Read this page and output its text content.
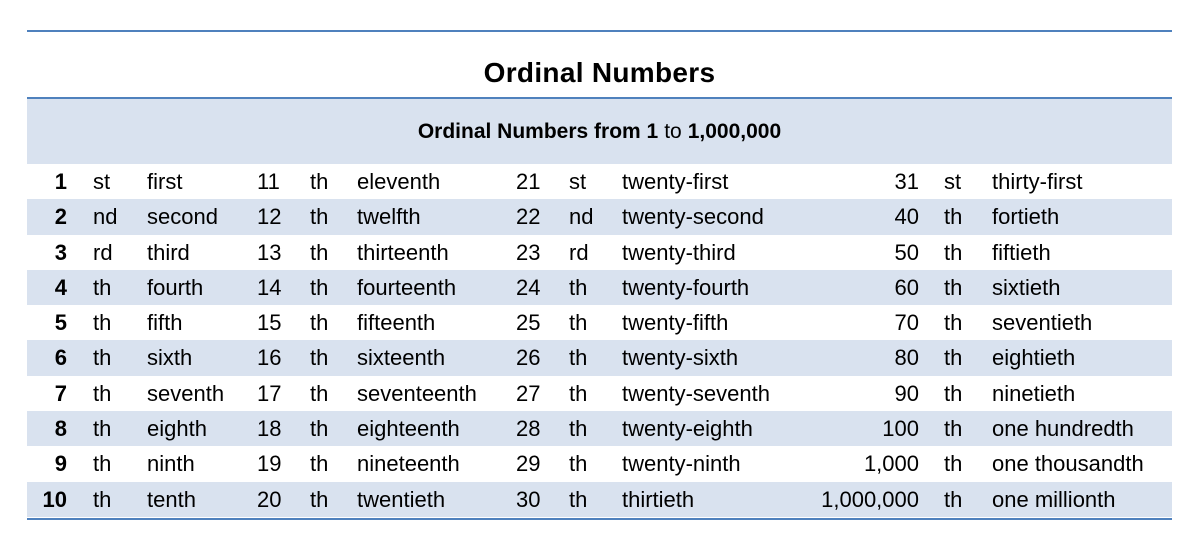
Ordinal Numbers
Ordinal Numbers from 1 to 1,000,000
1 st first	11 th eleventh	21 st twenty-first	31 st thirty-first
2 nd second 12 th twelfth	22 nd twenty-second	40 th fortieth
3 rd third	13 th thirteenth	23 rd twenty-third	50 th fiftieth
4 th fourth 14 th fourteenth	24 th twenty-fourth	60 th sixtieth
5 th fifth	15 th fifteenth	25 th twenty-fifth	70 th seventieth
6 th sixth	16 th sixteenth	26 th twenty-sixth	80 th eightieth
7 th seventh 17 th seventeenth 27 th twenty-seventh	90 th ninetieth
8 th eighth 18 th eighteenth	28 th twenty-eighth	100 th one hundredth
9 th ninth	19 th nineteenth	29 th twenty-ninth	1,000 th one thousandth
10 th tenth	20 th twentieth	30 th thirtieth	1,000,000 th one millionth
